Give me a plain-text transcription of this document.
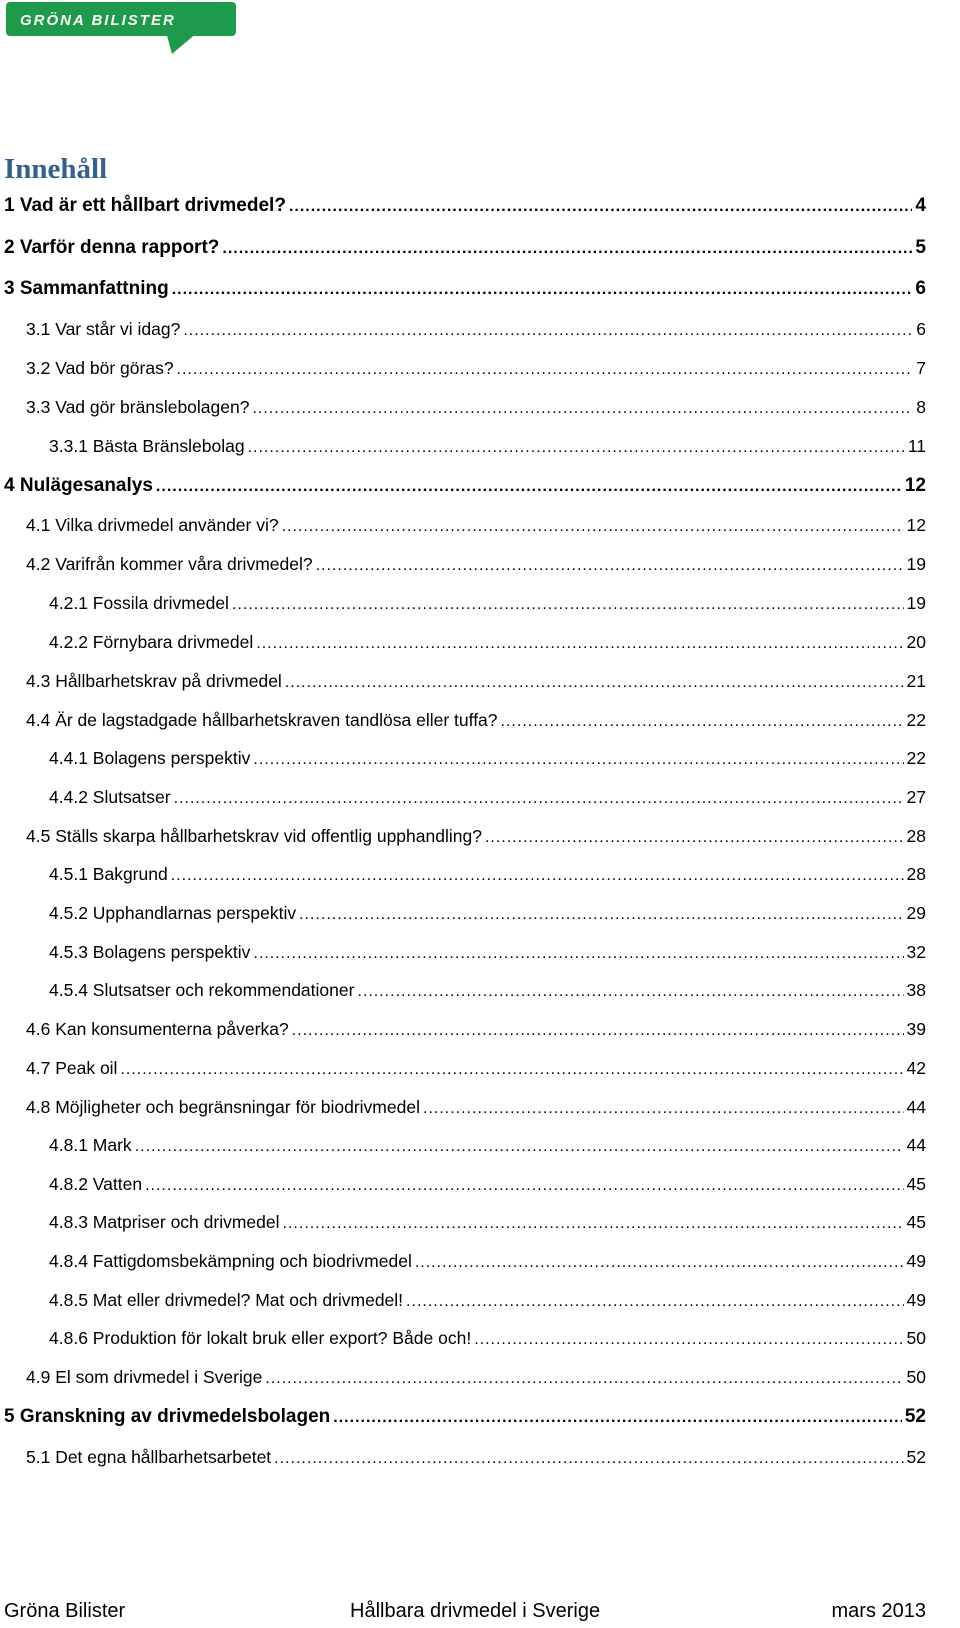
GRÖNA BILISTER
Innehåll
1 Vad är ett hållbart drivmedel? .....	4
2 Varför denna rapport? .....	5
3 Sammanfattning .....	6
3.1 Var står vi idag? .....	6
3.2 Vad bör göras? .....	7
3.3 Vad gör bränslebolagen? .....	8
3.3.1 Bästa Bränslebolag .....	11
4 Nulägesanalys .....	12
4.1 Vilka drivmedel använder vi? .....	12
4.2 Varifrån kommer våra drivmedel? .....	19
4.2.1 Fossila drivmedel .....	19
4.2.2 Förnybara drivmedel .....	20
4.3 Hållbarhetskrav på drivmedel .....	21
4.4 Är de lagstadgade hållbarhetskraven tandlösa eller tuffa? .....	22
4.4.1 Bolagens perspektiv .....	22
4.4.2 Slutsatser .....	27
4.5 Ställs skarpa hållbarhetskrav vid offentlig upphandling? .....	28
4.5.1 Bakgrund .....	28
4.5.2 Upphandlarnas perspektiv .....	29
4.5.3 Bolagens perspektiv .....	32
4.5.4 Slutsatser och rekommendationer .....	38
4.6 Kan konsumenterna påverka? .....	39
4.7 Peak oil .....	42
4.8 Möjligheter och begränsningar för biodrivmedel .....	44
4.8.1 Mark .....	44
4.8.2 Vatten .....	45
4.8.3 Matpriser och drivmedel .....	45
4.8.4 Fattigdomsbekämpning och biodrivmedel .....	49
4.8.5 Mat eller drivmedel? Mat och drivmedel! .....	49
4.8.6 Produktion för lokalt bruk eller export? Både och! .....	50
4.9 El som drivmedel i Sverige .....	50
5 Granskning av drivmedelsbolagen .....	52
5.1 Det egna hållbarhetsarbetet .....	52
Gröna Bilister	Hållbara drivmedel i Sverige	mars 2013
